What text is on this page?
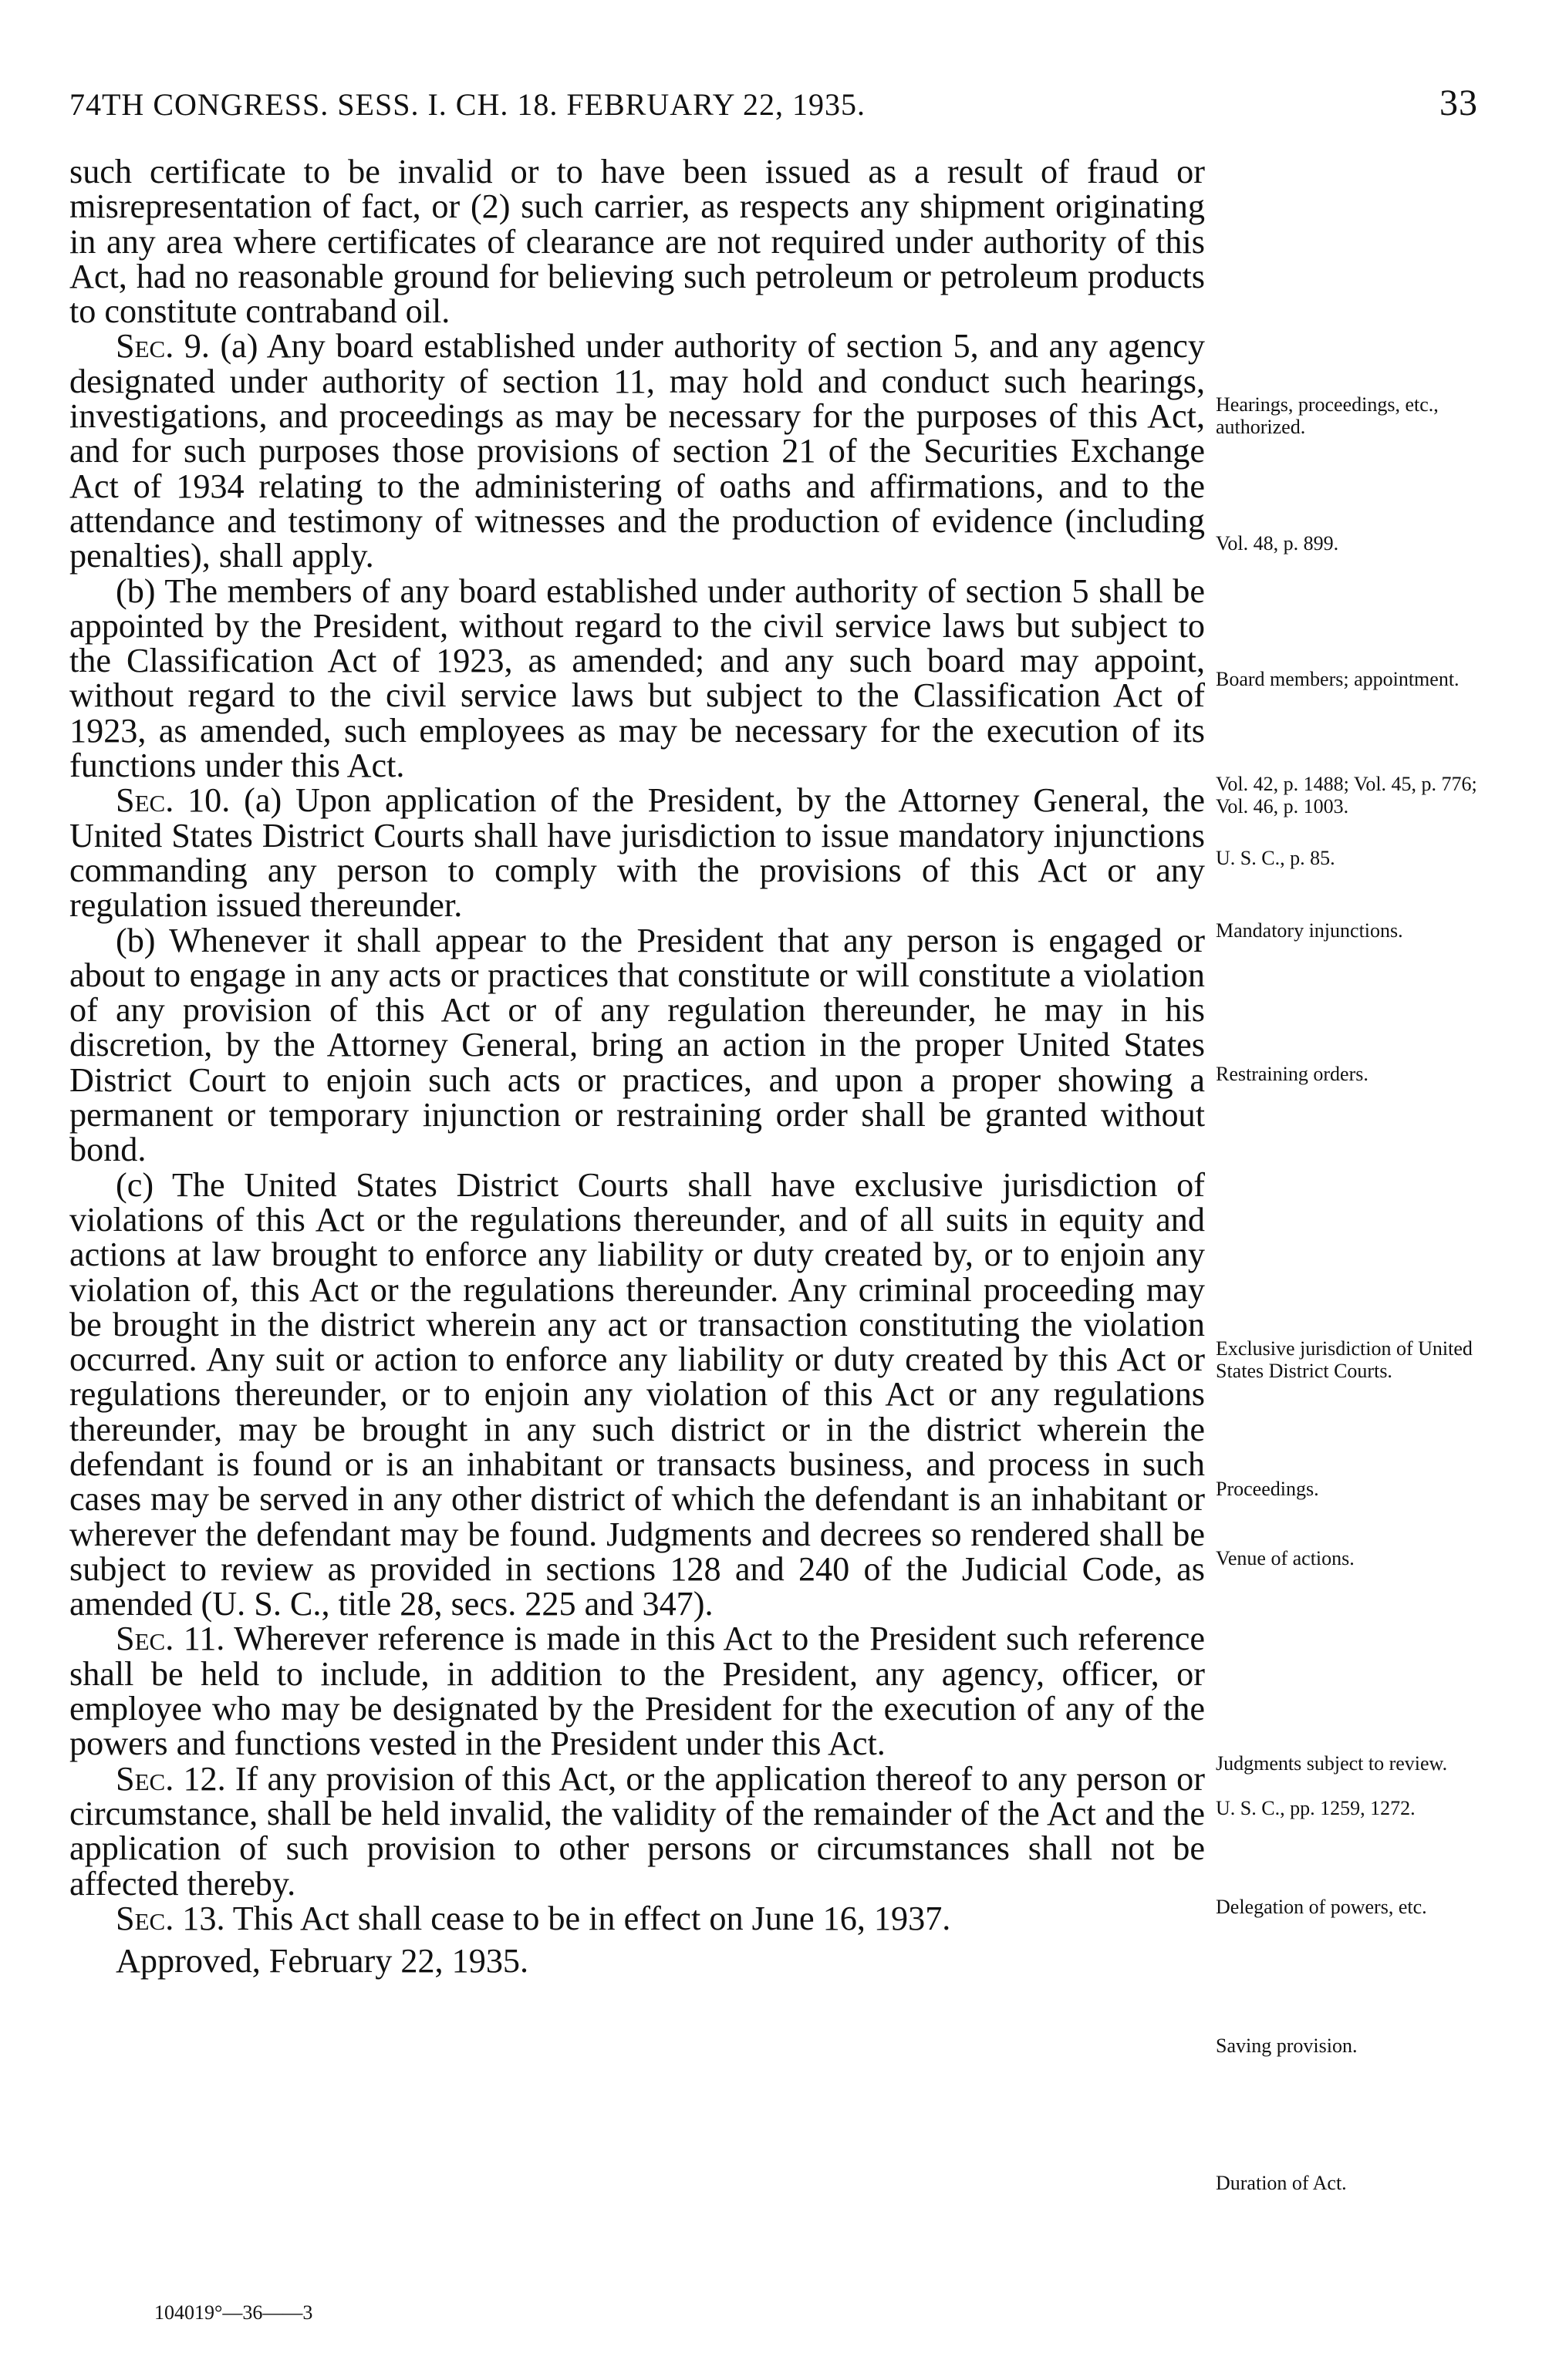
74TH CONGRESS. SESS. I. CH. 18. FEBRUARY 22, 1935.	33

such certificate to be invalid or to have been issued as a result of fraud or misrepresentation of fact, or (2) such carrier, as respects any shipment originating in any area where certificates of clearance are not required under authority of this Act, had no reasonable ground for believing such petroleum or petroleum products to constitute contraband oil.

Sec. 9. (a) Any board established under authority of section 5, and any agency designated under authority of section 11, may hold and conduct such hearings, investigations, and proceedings as may be necessary for the purposes of this Act, and for such purposes those provisions of section 21 of the Securities Exchange Act of 1934 relating to the administering of oaths and affirmations, and to the attendance and testimony of witnesses and the production of evidence (including penalties), shall apply.

(b) The members of any board established under authority of section 5 shall be appointed by the President, without regard to the civil service laws but subject to the Classification Act of 1923, as amended; and any such board may appoint, without regard to the civil service laws but subject to the Classification Act of 1923, as amended, such employees as may be necessary for the execution of its functions under this Act.

Sec. 10. (a) Upon application of the President, by the Attorney General, the United States District Courts shall have jurisdiction to issue mandatory injunctions commanding any person to comply with the provisions of this Act or any regulation issued thereunder.

(b) Whenever it shall appear to the President that any person is engaged or about to engage in any acts or practices that constitute or will constitute a violation of any provision of this Act or of any regulation thereunder, he may in his discretion, by the Attorney General, bring an action in the proper United States District Court to enjoin such acts or practices, and upon a proper showing a permanent or temporary injunction or restraining order shall be granted without bond.

(c) The United States District Courts shall have exclusive jurisdiction of violations of this Act or the regulations thereunder, and of all suits in equity and actions at law brought to enforce any liability or duty created by, or to enjoin any violation of, this Act or the regulations thereunder. Any criminal proceeding may be brought in the district wherein any act or transaction constituting the violation occurred. Any suit or action to enforce any liability or duty created by this Act or regulations thereunder, or to enjoin any violation of this Act or any regulations thereunder, may be brought in any such district or in the district wherein the defendant is found or is an inhabitant or transacts business, and process in such cases may be served in any other district of which the defendant is an inhabitant or wherever the defendant may be found. Judgments and decrees so rendered shall be subject to review as provided in sections 128 and 240 of the Judicial Code, as amended (U. S. C., title 28, secs. 225 and 347).

Sec. 11. Wherever reference is made in this Act to the President such reference shall be held to include, in addition to the President, any agency, officer, or employee who may be designated by the President for the execution of any of the powers and functions vested in the President under this Act.

Sec. 12. If any provision of this Act, or the application thereof to any person or circumstance, shall be held invalid, the validity of the remainder of the Act and the application of such provision to other persons or circumstances shall not be affected thereby.

Sec. 13. This Act shall cease to be in effect on June 16, 1937.

Approved, February 22, 1935.

Hearings, proceedings, etc., authorized.
Vol. 48, p. 899.
Board members; appointment.
Vol. 42, p. 1488; Vol. 45, p. 776; Vol. 46, p. 1003.
U. S. C., p. 85.
Mandatory injunctions.
Restraining orders.
Exclusive jurisdiction of United States District Courts.
Proceedings.
Venue of actions.
Judgments subject to review.
U. S. C., pp. 1259, 1272.
Delegation of powers, etc.
Saving provision.
Duration of Act.
104019°—36——3
